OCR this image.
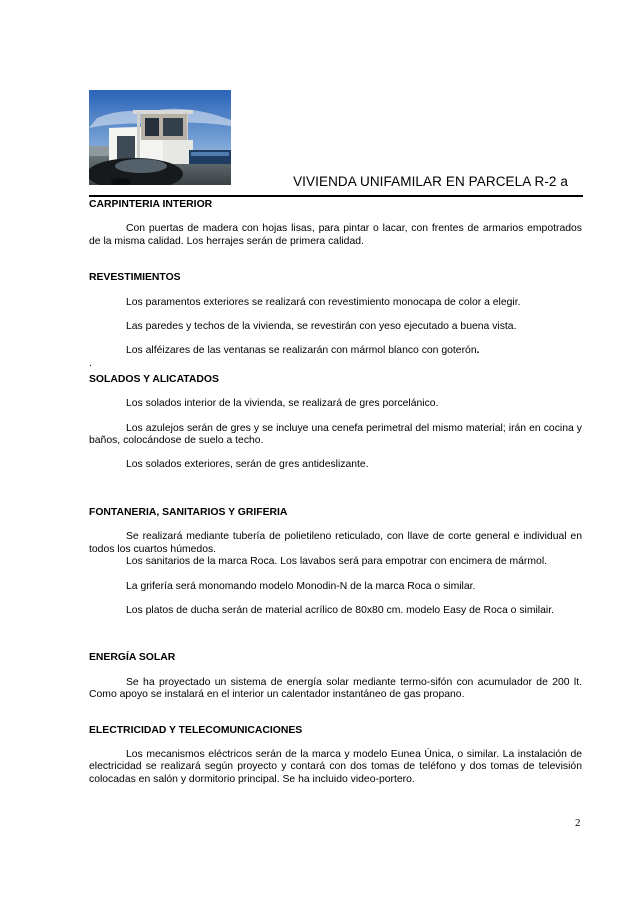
VIVIENDA UNIFAMILAR EN PARCELA R-2 a

CARPINTERIA INTERIOR

Con puertas de madera con hojas lisas, para pintar o lacar, con frentes de armarios empotrados de la misma calidad. Los herrajes serán de primera calidad.

REVESTIMIENTOS

Los paramentos exteriores se realizará con revestimiento monocapa de color a elegir.

Las paredes y techos de la vivienda, se revestirán con yeso ejecutado a buena vista.

Los alféizares de las ventanas se realizarán con mármol blanco con goterón.

.

SOLADOS Y ALICATADOS

Los solados interior de la vivienda, se realizará de gres porcelánico.

Los azulejos serán de gres y se incluye una cenefa perimetral del mismo material; irán en cocina y baños, colocándose de suelo a techo.

Los solados exteriores, serán de gres antideslizante.

FONTANERIA, SANITARIOS Y GRIFERIA

Se realizará mediante tubería de polietileno reticulado, con llave de corte general e individual en todos los cuartos húmedos.

Los sanitarios de la marca Roca. Los lavabos será para empotrar con encimera de mármol.

La grifería será monomando modelo Monodin-N de la marca Roca o similar.

Los platos de ducha serán de material acrílico de 80x80 cm. modelo Easy de Roca o similair.

ENERGÍA SOLAR

Se ha proyectado un sistema de energía solar mediante termo-sifón con acumulador de 200 lt. Como apoyo se instalará en el interior un calentador instantáneo de gas propano.

ELECTRICIDAD Y TELECOMUNICACIONES

Los mecanismos eléctricos serán de la marca y modelo Eunea Única, o similar. La instalación de electricidad se realizará según proyecto y contará con dos tomas de teléfono y dos tomas de televisión colocadas en salón y dormitorio principal. Se ha incluido video-portero.

2
